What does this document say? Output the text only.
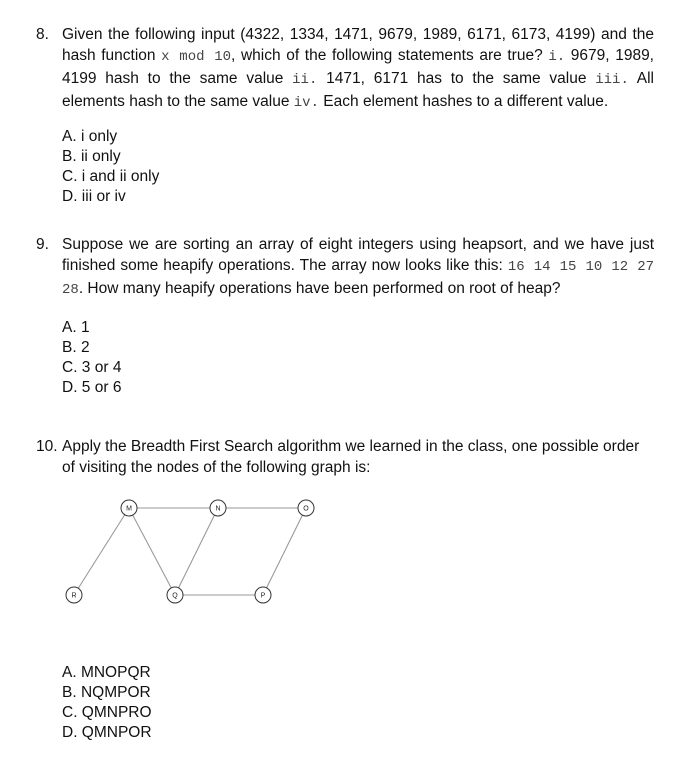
8. Given the following input (4322, 1334, 1471, 9679, 1989, 6171, 6173, 4199) and the hash function x mod 10, which of the following statements are true? i. 9679, 1989, 4199 hash to the same value ii. 1471, 6171 has to the same value iii. All elements hash to the same value iv. Each element hashes to a different value.
A. i only
B. ii only
C. i and ii only
D. iii or iv
9. Suppose we are sorting an array of eight integers using heapsort, and we have just finished some heapify operations. The array now looks like this: 16 14 15 10 12 27 28. How many heapify operations have been performed on root of heap?
A. 1
B. 2
C. 3 or 4
D. 5 or 6
10. Apply the Breadth First Search algorithm we learned in the class, one possible order of visiting the nodes of the following graph is:
M	N	O
R	Q	P
A. MNOPQR
B. NQMPOR
C. QMNPRO
D. QMNPOR
